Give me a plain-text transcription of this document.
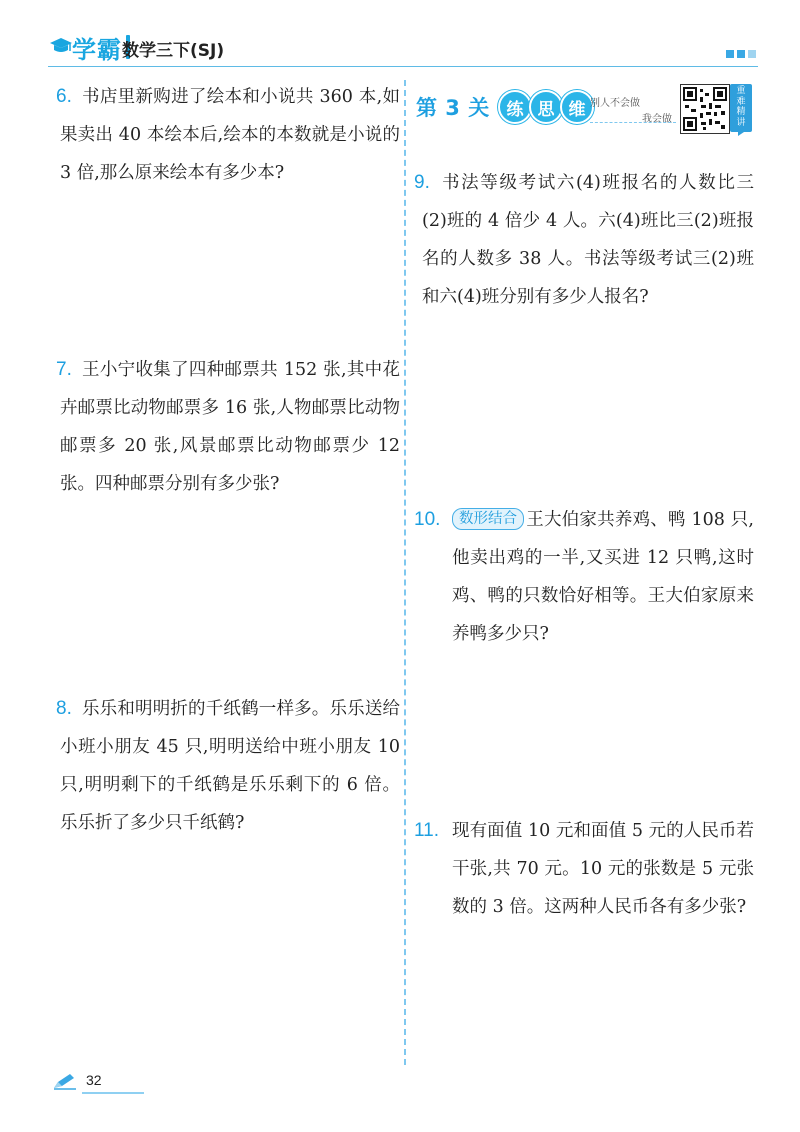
学霸 数学三下(SJ)
6. 书店里新购进了绘本和小说共 360 本,如果卖出 40 本绘本后,绘本的本数就是小说的 3 倍,那么原来绘本有多少本?
7. 王小宁收集了四种邮票共 152 张,其中花卉邮票比动物邮票多 16 张,人物邮票比动物邮票多 20 张,风景邮票比动物邮票少 12 张。四种邮票分别有多少张?
8. 乐乐和明明折的千纸鹤一样多。乐乐送给小班小朋友 45 只,明明送给中班小朋友 10 只,明明剩下的千纸鹤是乐乐剩下的 6 倍。乐乐折了多少只千纸鹤?
第 3 关 练 思 维 别人不会做
我会做
重
难
精
讲
9. 书法等级考试六(4)班报名的人数比三(2)班的 4 倍少 4 人。六(4)班比三(2)班报名的人数多 38 人。书法等级考试三(2)班和六(4)班分别有多少人报名?
10.	数形结合 王大伯家共养鸡、鸭 108 只,他卖出鸡的一半,又买进 12 只鸭,这时鸡、鸭的只数恰好相等。王大伯家原来养鸭多少只?
11. 现有面值 10 元和面值 5 元的人民币若干张,共 70 元。10 元的张数是 5 元张数的 3 倍。这两种人民币各有多少张?
32
